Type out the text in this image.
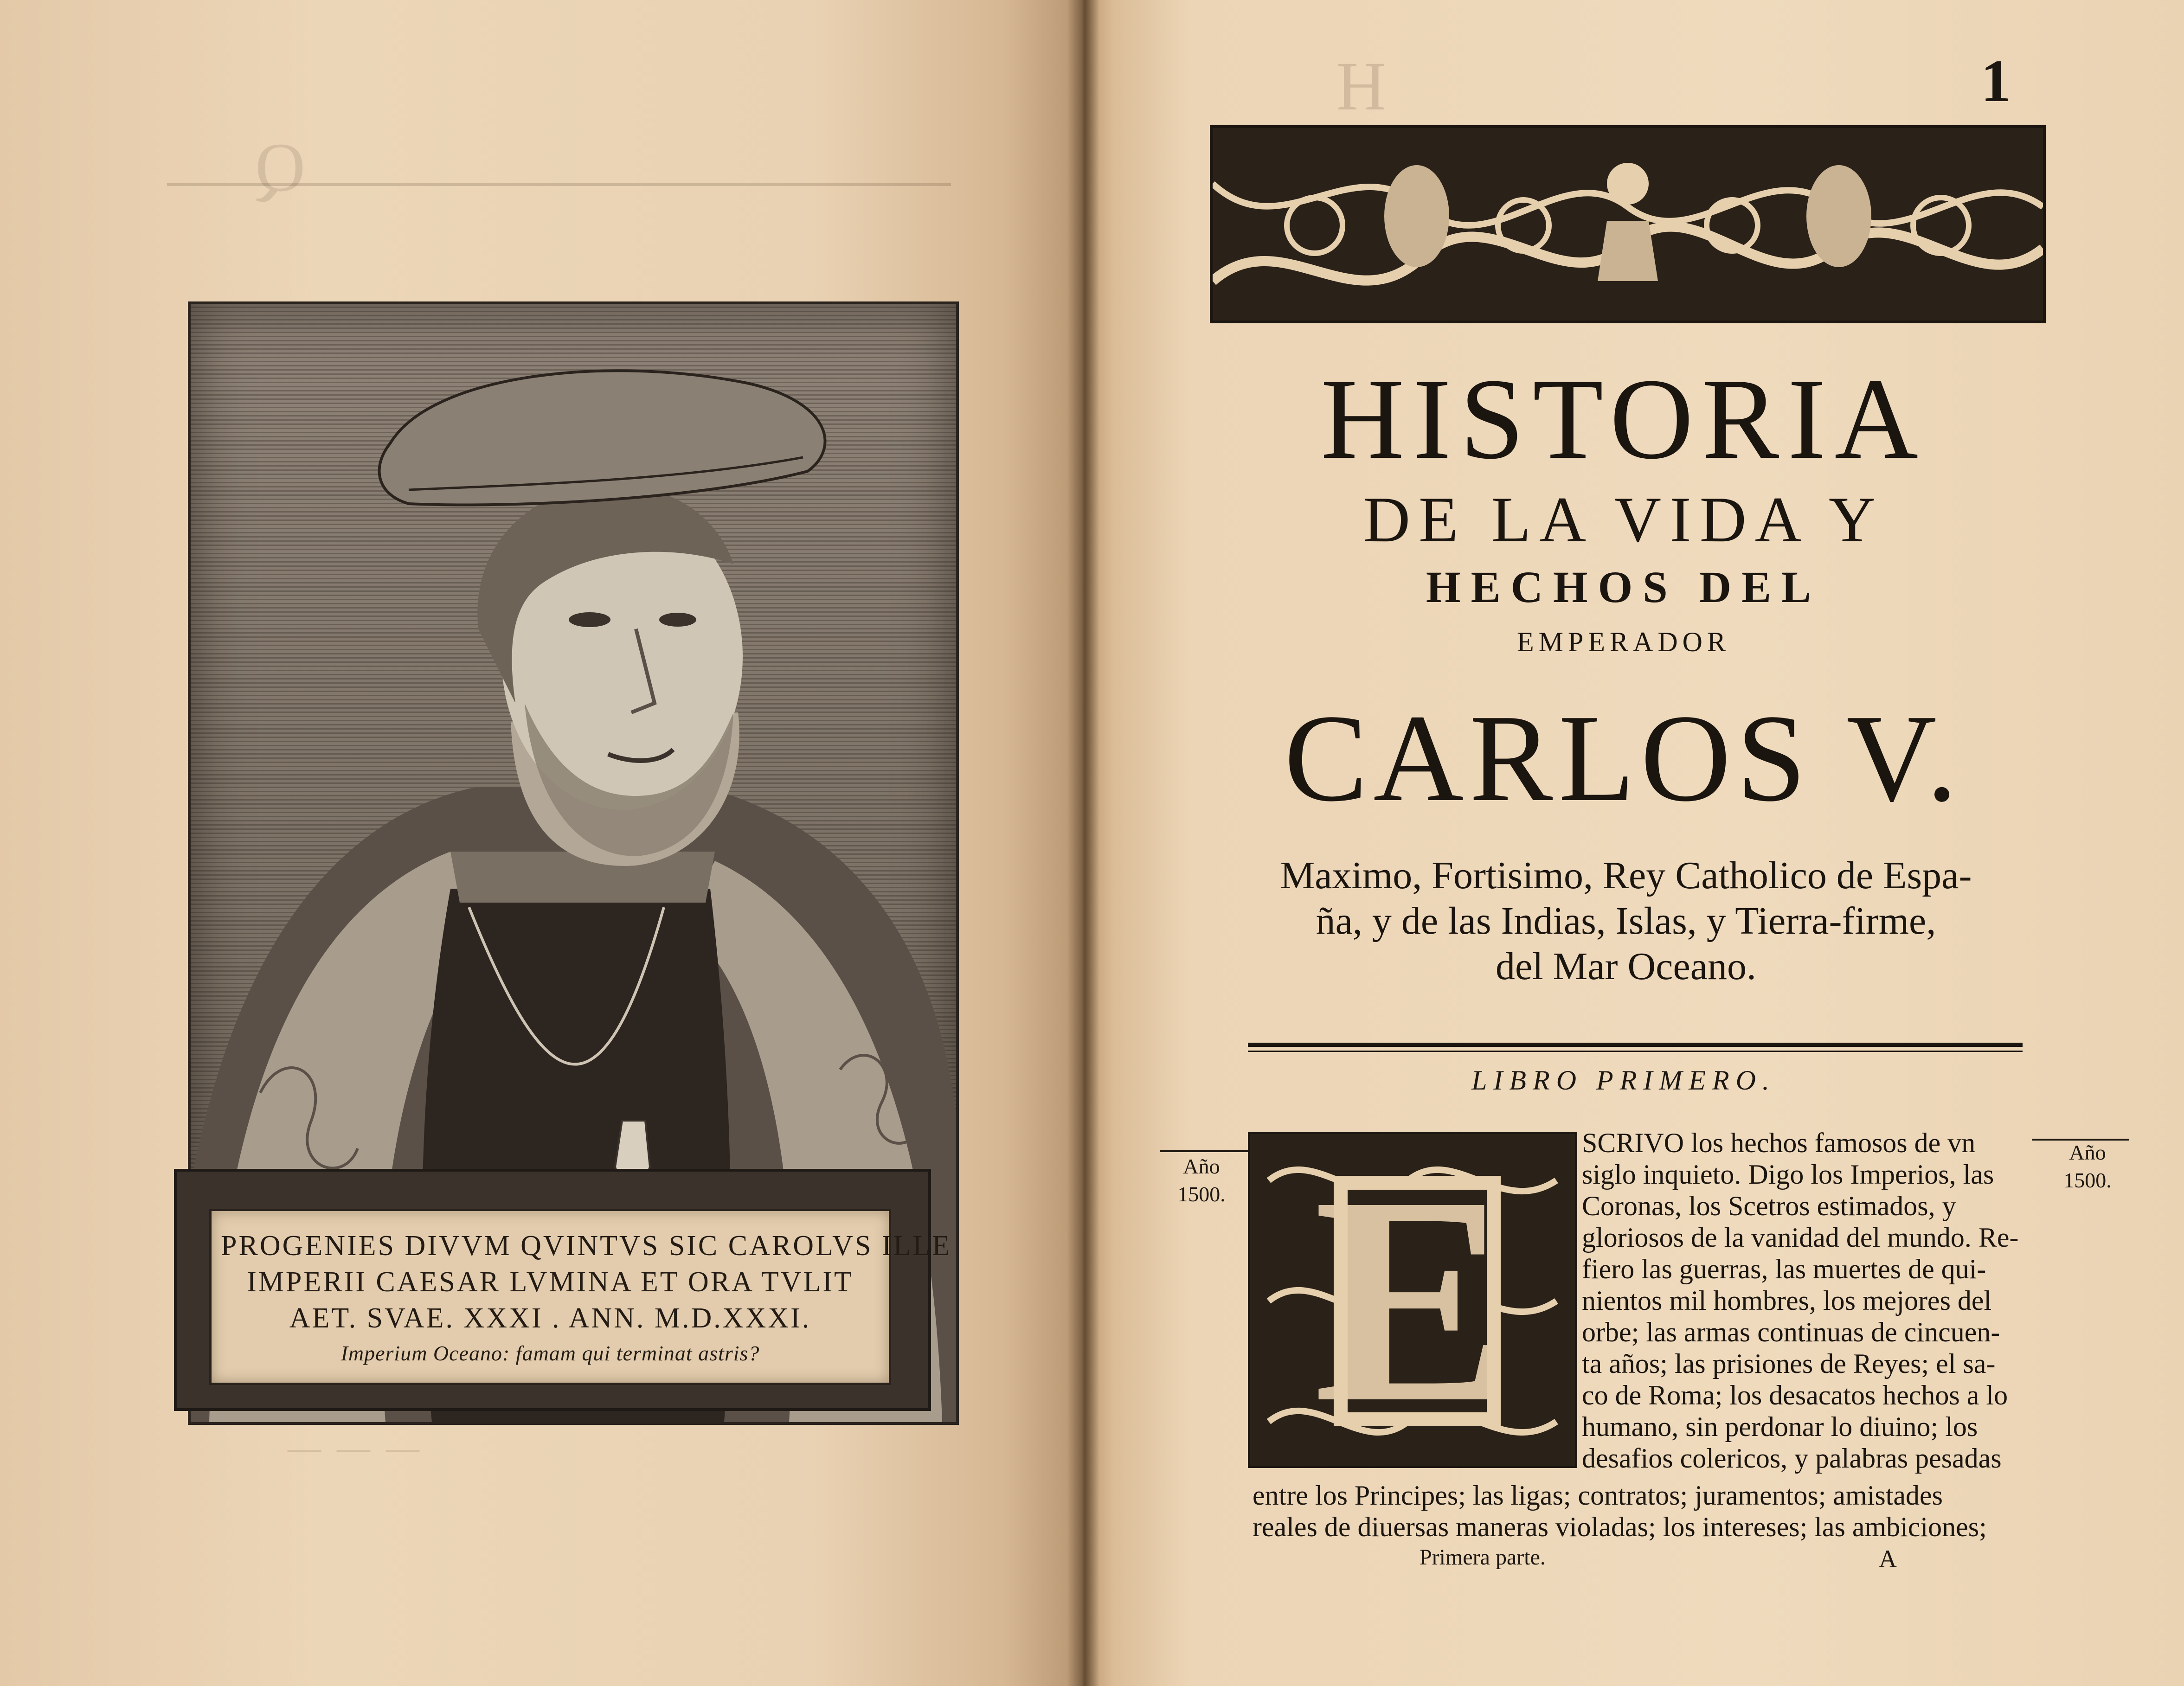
Q
PROGENIES DIVVM QVINTVS SIC CAROLVS ILLE
IMPERII CAESAR LVMINA ET ORA TVLIT
AET. SVAE. XXXI . ANN. M.D.XXXI.
Imperium Oceano: famam qui terminat astris?
— — —
1
HISTORIA
DE LA VIDA Y
HECHOS DEL
EMPERADOR
CARLOS V.
Maximo, Fortisimo, Rey Catholico de Espa-
ña, y de las Indias, Islas, y Tierra-firme,
del Mar Oceano.
LIBRO PRIMERO.
Año
1500.
Año
1500.
E	SCRIVO los hechos famosos de vn
siglo inquieto. Digo los Imperios, las
Coronas, los Scetros estimados, y
gloriosos de la vanidad del mundo. Re-
fiero las guerras, las muertes de qui-
nientos mil hombres, los mejores del
orbe; las armas continuas de cincuen-
ta años; las prisiones de Reyes; el sa-
co de Roma; los desacatos hechos a lo
humano, sin perdonar lo diuino; los
desafios colericos, y palabras pesadas
entre los Principes; las ligas; contratos; juramentos; amistades
reales de diuersas maneras violadas; los intereses; las ambiciones;
Primera parte.	A
